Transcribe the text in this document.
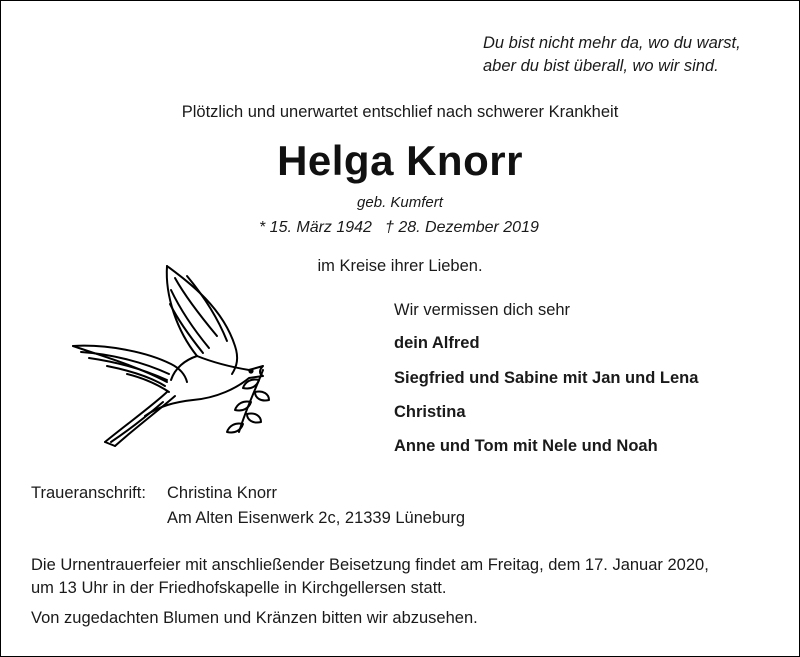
Du bist nicht mehr da, wo du warst,
aber du bist überall, wo wir sind.
Plötzlich und unerwartet entschlief nach schwerer Krankheit
Helga Knorr
geb. Kumfert
* 15. März 1942 † 28. Dezember 2019
im Kreise ihrer Lieben.
Wir vermissen dich sehr
dein Alfred
Siegfried und Sabine mit Jan und Lena
Christina
Anne und Tom mit Nele und Noah
Traueranschrift: Christina Knorr
Am Alten Eisenwerk 2c, 21339 Lüneburg
Die Urnentrauerfeier mit anschließender Beisetzung findet am Freitag, dem 17. Januar 2020,
um 13 Uhr in der Friedhofskapelle in Kirchgellersen statt.
Von zugedachten Blumen und Kränzen bitten wir abzusehen.
